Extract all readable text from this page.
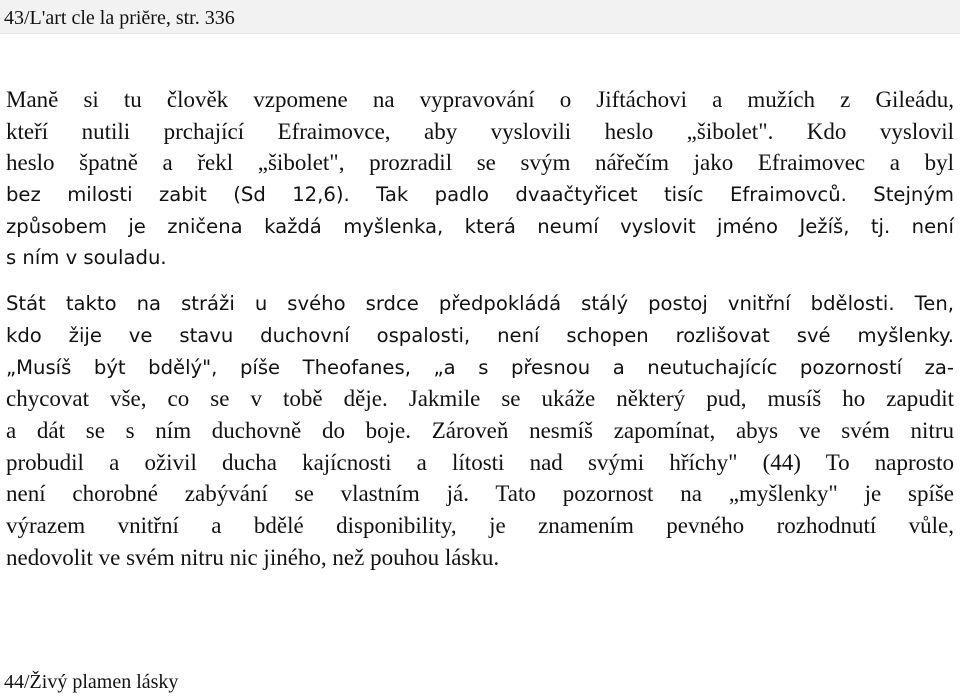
43/L'art cle la priĕre, str. 336
Manĕ si tu člověk vzpomene na vypravování o Jiftáchovi a mužích z Gileádu,
kteří nutili prchající Efraimovce, aby vyslovili heslo „šibolet". Kdo vyslovil
heslo špatně a řekl „šibolet", prozradil se svým nářečím jako Efraimovec a byl
bez milosti zabit (Sd 12,6). Tak padlo dvaačtyřicet tisíc Efraimovců. Stejným
způsobem je zničena každá myšlenka, která neumí vyslovit jméno Ježíš, tj. není
s ním v souladu.
Stát takto na stráži u svého srdce předpokládá stálý postoj vnitřní bdělosti. Ten,
kdo žije ve stavu duchovní ospalosti, není schopen rozlišovat své myšlenky.
„Musíš být bdělý", píše Theofanes, „a s přesnou a neutuchajícíc pozorností za-
chycovat vše, co se v tobě děje. Jakmile se ukáže některý pud, musíš ho zapudit
a dát se s ním duchovně do boje. Zároveň nesmíš zapomínat, abys ve svém nitru
probudil a oživil ducha kajícnosti a lítosti nad svými hříchy" (44) To naprosto
není chorobné zabývání se vlastním já. Tato pozornost na „myšlenky" je spíše
výrazem vnitřní a bdělé disponibility, je znamením pevného rozhodnutí vůle,
nedovolit ve svém nitru nic jiného, než pouhou lásku.
44/Živý plamen lásky
